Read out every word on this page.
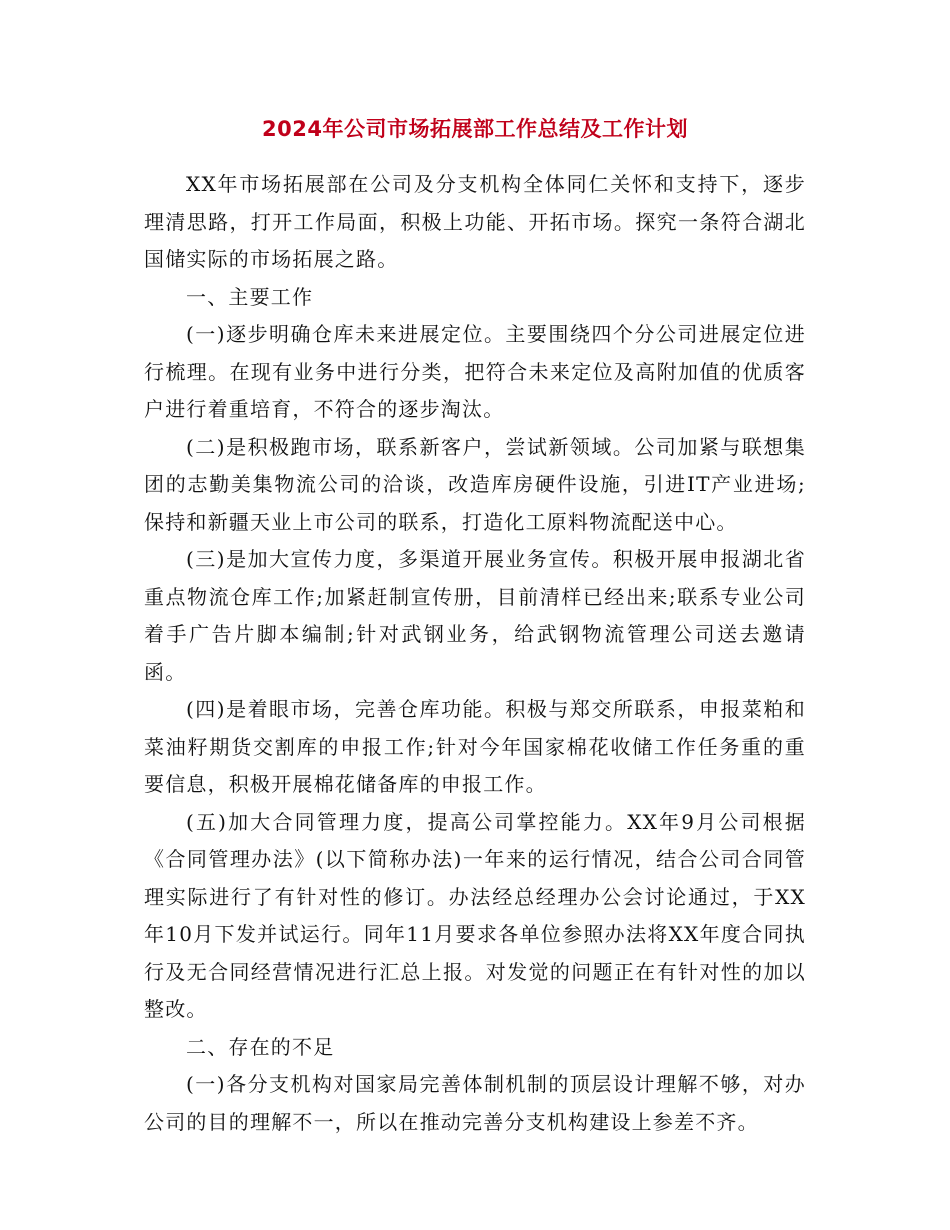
2024年公司市场拓展部工作总结及工作计划

XX年市场拓展部在公司及分支机构全体同仁关怀和支持下，逐步理清思路，打开工作局面，积极上功能、开拓市场。探究一条符合湖北国储实际的市场拓展之路。

一、主要工作

(一)逐步明确仓库未来进展定位。主要围绕四个分公司进展定位进行梳理。在现有业务中进行分类，把符合未来定位及高附加值的优质客户进行着重培育，不符合的逐步淘汰。

(二)是积极跑市场，联系新客户，尝试新领域。公司加紧与联想集团的志勤美集物流公司的洽谈，改造库房硬件设施，引进IT产业进场;保持和新疆天业上市公司的联系，打造化工原料物流配送中心。

(三)是加大宣传力度，多渠道开展业务宣传。积极开展申报湖北省重点物流仓库工作;加紧赶制宣传册，目前清样已经出来;联系专业公司着手广告片脚本编制;针对武钢业务，给武钢物流管理公司送去邀请函。

(四)是着眼市场，完善仓库功能。积极与郑交所联系，申报菜粕和菜油籽期货交割库的申报工作;针对今年国家棉花收储工作任务重的重要信息，积极开展棉花储备库的申报工作。

(五)加大合同管理力度，提高公司掌控能力。XX年9月公司根据《合同管理办法》(以下简称办法)一年来的运行情况，结合公司合同管理实际进行了有针对性的修订。办法经总经理办公会讨论通过，于XX年10月下发并试运行。同年11月要求各单位参照办法将XX年度合同执行及无合同经营情况进行汇总上报。对发觉的问题正在有针对性的加以整改。

二、存在的不足

(一)各分支机构对国家局完善体制机制的顶层设计理解不够，对办公司的目的理解不一，所以在推动完善分支机构建设上参差不齐。
